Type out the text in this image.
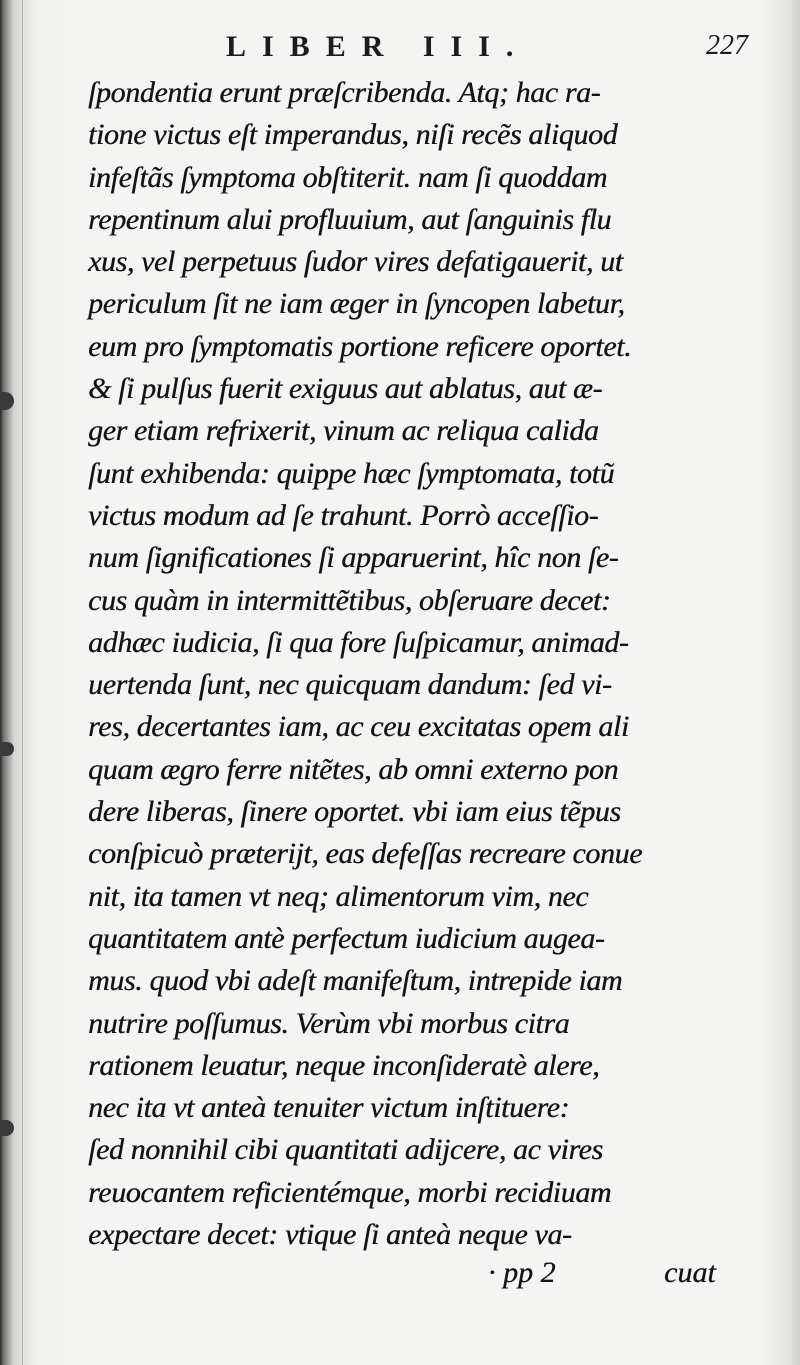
LIBER III.	227
ſpondentia erunt præſcribenda. Atq; hac ra-
tione victus eſt imperandus, niſi recẽs aliquod
infeſtãs ſymptoma obſtiterit. nam ſi quoddam
repentinum alui profluuium, aut ſanguinis flu
xus, vel perpetuus ſudor vires defatigauerit, ut
periculum ſit ne iam æger in ſyncopen labetur,
eum pro ſymptomatis portione reficere oportet.
& ſi pulſus fuerit exiguus aut ablatus, aut æ-
ger etiam refrixerit, vinum ac reliqua calida
ſunt exhibenda: quippe hæc ſymptomata, totũ
victus modum ad ſe trahunt. Porrò acceſſio-
num ſignificationes ſi apparuerint, hîc non ſe-
cus quàm in intermittẽtibus, obſeruare decet:
adhæc iudicia, ſi qua fore ſuſpicamur, animad-
uertenda ſunt, nec quicquam dandum: ſed vi-
res, decertantes iam, ac ceu excitatas opem ali
quam ægro ferre nitẽtes, ab omni externo pon
dere liberas, ſinere oportet. vbi iam eius tẽpus
conſpicuò præterijt, eas defeſſas recreare conue
nit, ita tamen vt neq; alimentorum vim, nec
quantitatem antè perfectum iudicium augea-
mus. quod vbi adeſt manifeſtum, intrepide iam
nutrire poſſumus. Verùm vbi morbus citra
rationem leuatur, neque inconſideratè alere,
nec ita vt anteà tenuiter victum inſtituere:
ſed nonnihil cibi quantitati adijcere, ac vires
reuocantem reficientémque, morbi recidiuam
expectare decet: vtique ſi anteà neque va-
· pp 2	cuat
